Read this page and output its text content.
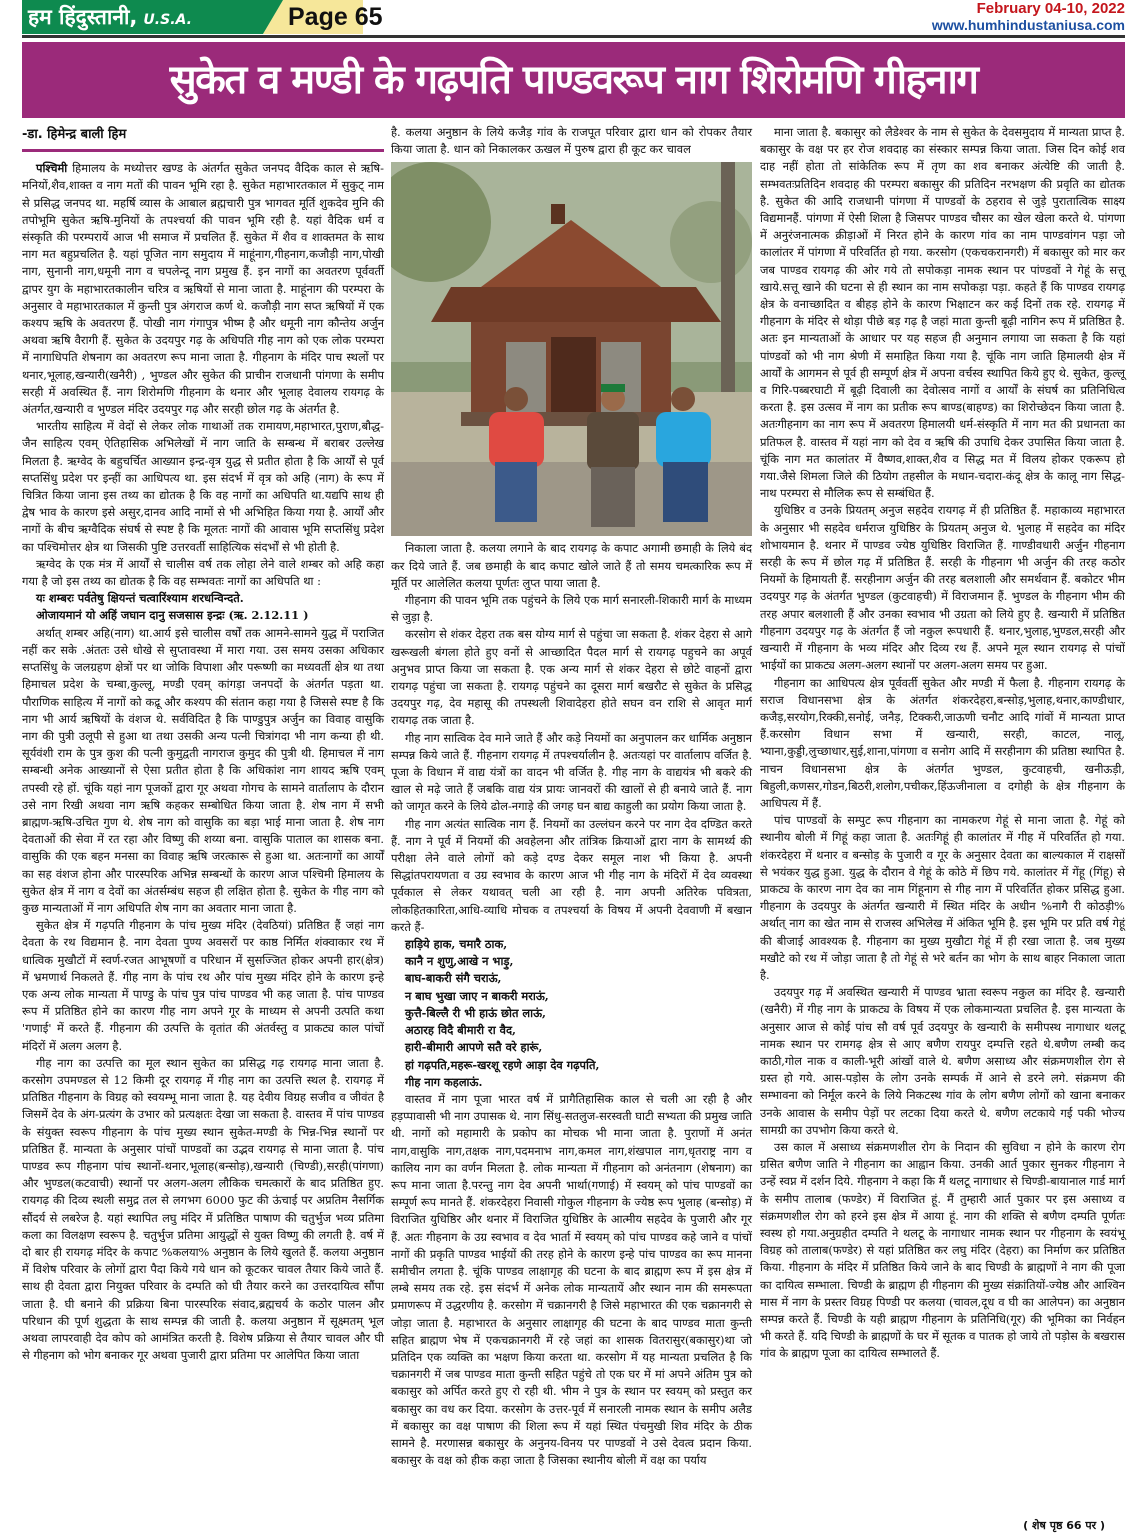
हम हिंदुस्तानी, U.S.A.	Page 65	February 04-10, 2022
www.humhindustaniusa.com
सुकेत व मण्डी के गढ़पति पाण्डवरूप नाग शिरोमणि गीहनाग
-डा. हिमेन्द्र बाली हिम

पश्चिमी हिमालय के मध्योत्तर खण्ड के अंतर्गत सुकेत जनपद वैदिक काल से ऋषि-मनियों,शैव,शाक्त व नाग मतों की पावन भूमि रहा है. सुकेत महाभारतकाल में सुकुट् नाम से प्रसिद्ध जनपद था. महर्षि व्यास के आबाल ब्रह्मचारी पुत्र भागवत मूर्ति शुकदेव मुनि की तपोभूमि सुकेत ऋषि-मुनियों के तपश्चर्या की पावन भूमि रही है. यहां वैदिक धर्म व संस्कृति की परम्परायें आज भी समाज में प्रचलित हैं. सुकेत में शैव व शाक्तमत के साथ नाग मत बहुप्रचलित है. यहां पूजित नाग समुदाय में माहूंनाग,गीहनाग,कजौड़ी नाग,पोखी नाग, सुनानी नाग,धमूनी नाग व चपलेन्दू नाग प्रमुख हैं. इन नागों का अवतरण पूर्ववर्ती द्वापर युग के महाभारतकालीन चरित्र व ऋषियों से माना जाता है. माहूंनाग की परम्परा के अनुसार वे महाभारतकाल में कुन्ती पुत्र अंगराज कर्ण थे. कजौड़ी नाग सप्त ऋषियों में एक कश्यप ऋषि के अवतरण हैं. पोखी नाग गंगापुत्र भीष्म है और धमूनी नाग कौन्तेय अर्जुन अथवा ऋषि वैरागी हैं. सुकेत के उदयपुर गढ़ के अधिपति गीह नाग को एक लोक परम्परा में नागाधिपति शेषनाग का अवतरण रूप माना जाता है. गीहनाग के मंदिर पाच स्थलों पर थनार,भूलाह,खन्यारी(खनैरी) , भुण्डल और सुकेत की प्राचीन राजधानी पांगणा के समीप सरही में अवस्थित हैं. नाग शिरोमणि गीहनाग के थनार और भूलाह देवालय रायगढ़ के अंतर्गत,खन्यारी व भुण्डल मंदिर उदयपुर गढ़ और सरही छोल गढ़ के अंतर्गत है.

भारतीय साहित्य में वेदों से लेकर लोक गाथाओं तक रामायण,महाभारत,पुराण,बौद्ध-जैन साहित्य एवम् ऐतिहासिक अभिलेखों में नाग जाति के सम्बन्ध में बराबर उल्लेख मिलता है. ऋग्वेद के बहुचर्चित आख्यान इन्द्र-वृत्र युद्ध से प्रतीत होता है कि आर्यों से पूर्व सप्तसिंधु प्रदेश पर इन्हीं का आधिपत्य था. इस संदर्भ में वृत्र को अहि (नाग) के रूप में चित्रित किया जाना इस तथ्य का द्योतक है कि वह नागों का अधिपति था.यद्यपि साथ ही द्वेष भाव के कारण इसे असुर,दानव आदि नामों से भी अभिहित किया गया है. आर्यों और नागों के बीच ऋग्वैदिक संघर्ष से स्पष्ट है कि मूलतः नागों की आवास भूमि सप्तसिंधु प्रदेश का पश्चिमोत्तर क्षेत्र था जिसकी पुष्टि उत्तरवर्ती साहित्यिक संदर्भों से भी होती है.

ऋग्वेद के एक मंत्र में आर्यों से चालीस वर्ष तक लोहा लेने वाले शम्बर को अहि कहा गया है जो इस तथ्य का द्योतक है कि वह सम्भवतः नागों का अधिपति था :

यः शम्बरः पर्वतेषु क्षियन्तं चत्वारिंश्याम शरधन्विन्दते.

ओजायमानं यो अहिं जघान दानु सजसास इन्द्रः (ऋ. 2.12.11 )

अर्थात् शम्बर अहि(नाग) था.आर्य इसे चालीस वर्षों तक आमने-सामने युद्ध में पराजित नहीं कर सके .अंततः उसे धोखे से सुप्तावस्था में मारा गया. उस समय उसका अधिकार सप्तसिंधु के जलग्रहण क्षेत्रों पर था जोकि विपाशा और परूष्णी का मध्यवर्ती क्षेत्र था तथा हिमाचल प्रदेश के चम्बा,कुल्लू, मण्डी एवम् कांगड़ा जनपदों के अंतर्गत पड़ता था. पौराणिक साहित्य में नागों को कद्रू और कश्यप की संतान कहा गया है जिससे स्पष्ट है कि नाग भी आर्य ऋषियों के वंशज थे. सर्वविदित है कि पाण्डुपुत्र अर्जुन का विवाह वासुकि नाग की पुत्री उलूपी से हुआ था तथा उसकी अन्य पत्नी चित्रांगदा भी नाग कन्या ही थी. सूर्यवंशी राम के पुत्र कुश की पत्नी कुमुद्वती नागराज कुमुद की पुत्री थी. हिमाचल में नाग सम्बन्धी अनेक आख्यानों से ऐसा प्रतीत होता है कि अधिकांश नाग शायद ऋषि एवम् तपस्वी रहे हों. चूंकि यहां नाग पूजकों द्वारा गूर अथवा गोगच के सामने वार्तालाप के दौरान उसे नाग रिखी अथवा नाग ऋषि कहकर सम्बोधित किया जाता है. शेष नाग में सभी ब्राह्मण-ऋषि-उचित गुण थे. शेष नाग को वासुकि का बड़ा भाई माना जाता है. शेष नाग देवताओं की सेवा में रत रहा और विष्णु की शय्या बना. वासुकि पाताल का शासक बना. वासुकि की एक बहन मनसा का विवाह ऋषि जरत्कारू से हुआ था. अतःनागों का आर्यों का सह वंशज होना और पारस्परिक अभिन्न सम्बन्धों के कारण आज पश्चिमी हिमालय के सुकेत क्षेत्र में नाग व देवों का अंतर्सम्बंध सहज ही लक्षित होता है. सुकेत के गीह नाग को कुछ मान्यताओं में नाग अधिपति शेष नाग का अवतार माना जाता है.

सुकेत क्षेत्र में गढ़पति गीहनाग के पांच मुख्य मंदिर (देवठियां) प्रतिष्ठित हैं जहां नाग देवता के रथ विद्यमान है. नाग देवता पुण्य अवसरों पर काष्ठ निर्मित शंक्वाकार रथ में धात्विक मुखौटों में स्वर्ण-रजत आभूषणों व परिधान में सुसज्जित होकर अपनी हार(क्षेत्र) में भ्रमणार्थ निकलते हैं. गीह नाग के पांच रथ और पांच मुख्य मंदिर होने के कारण इन्हे एक अन्य लोक मान्यता में पाण्डु के पांच पुत्र पांच पाण्डव भी कह जाता है. पांच पाण्डव रूप में प्रतिष्ठित होने का कारण गीह नाग अपने गूर के माध्यम से अपनी उत्पति कथा 'गणाई' में करते हैं. गीहनाग की उत्पत्ति के वृतांत की अंतर्वस्तु व प्राकट्य काल पांचों मंदिरों में अलग अलग है.

गीह नाग का उत्पत्ति का मूल स्थान सुकेत का प्रसिद्ध गढ़ रायगढ़ माना जाता है. करसोग उपमण्डल से 12 किमी दूर रायगढ़ में गीह नाग का उत्पत्ति स्थल है. रायगढ़ में प्रतिष्ठित गीहनाग के विग्रह को स्वयम्भू माना जाता है. यह देवीय विग्रह सजीव व जीवंत है जिसमें देव के अंग-प्रत्यंग के उभार को प्रत्यक्षतः देखा जा सकता है. वास्तव में पांच पाण्डव के संयुक्त स्वरूप गीहनाग के पांच मुख्य स्थान सुकेत-मण्डी के भिन्न-भिन्न स्थानों पर प्रतिष्ठित हैं. मान्यता के अनुसार पांचों पाण्डवों का उद्भव रायगढ़ से माना जाता है. पांच पाण्डव रूप गीहनाग पांच स्थानों-थनार,भूलाह(बन्सोड़),खन्यारी (चिण्डी),सरही(पांगणा) और भुण्डल(कटवाची) स्थानों पर अलग-अलग लौकिक चमत्कारों के बाद प्रतिष्ठित हुए. रायगढ़ की दिव्य स्थली समुद्र तल से लगभग 6000 फुट की ऊंचाई पर अप्रतिम नैसर्गिक सौंदर्य से लबरेज है. यहां स्थापित लघु मंदिर में प्रतिष्ठित पाषाण की चतुर्भुज भव्य प्रतिमा कला का विलक्षण स्वरूप है. चतुर्भुज प्रतिमा आयुद्धों से युक्त विष्णु की लगती है. वर्ष में दो बार ही रायगढ़ मंदिर के कपाट %कलया% अनुष्ठान के लिये खुलते हैं. कलया अनुष्ठान में विशेष परिवार के लोगों द्वारा पैदा किये गये धान को कूटकर चावल तैयार किये जाते हैं. साथ ही देवता द्वारा नियुक्त परिवार के दम्पति को घी तैयार करने का उत्तरदायित्व सौंपा जाता है. घी बनाने की प्रक्रिया बिना पारस्परिक संवाद,ब्रह्मचर्य के कठोर पालन और परिधान की पूर्ण शुद्धता के साथ सम्पन्न की जाती है. कलया अनुष्ठान में सूक्ष्मतम् भूल अथवा लापरवाही देव कोप को आमंत्रित करती है. विशेष प्रक्रिया से तैयार चावल और घी से गीहनाग को भोग बनाकर गूर अथवा पुजारी द्वारा प्रतिमा पर आलेपित किया जाता

है. कलया अनुष्ठान के लिये कजैड़ गांव के राजपूत परिवार द्वारा धान को रोपकर तैयार किया जाता है. धान को निकालकर ऊखल में पुरुष द्वारा ही कूट कर चावल

निकाला जाता है. कलया लगाने के बाद रायगढ़ के कपाट अगामी छमाही के लिये बंद कर दिये जाते हैं. जब छमाही के बाद कपाट खोले जाते हैं तो समय चमत्कारिक रूप में मूर्ति पर आलेलित कलया पूर्णतः लुप्त पाया जाता है.

गीहनाग की पावन भूमि तक पहुंचने के लिये एक मार्ग सनारली-शिकारी मार्ग के माध्यम से जुड़ा है.

करसोग से शंकर देहरा तक बस योग्य मार्ग से पहुंचा जा सकता है. शंकर देहरा से आगे खरूखली बंगला होते हुए वनों से आच्छादित पैदल मार्ग से रायगढ़ पहुचने का अपूर्व अनुभव प्राप्त किया जा सकता है. एक अन्य मार्ग से शंकर देहरा से छोटे वाहनों द्वारा रायगढ़ पहुंचा जा सकता है. रायगढ़ पहुंचने का दूसरा मार्ग बखरौट से सुकेत के प्रसिद्ध उदयपुर गढ़, देव महासू की तपस्थली शिवादेहरा होते सघन वन राशि से आवृत मार्ग रायगढ़ तक जाता है.

गीह नाग सात्विक देव माने जाते हैं और कड़े नियमों का अनुपालन कर धार्मिक अनुष्ठान सम्पन्न किये जाते हैं. गीहनाग रायगढ़ में तपश्चर्यालीन है. अतःयहां पर वार्तालाप वर्जित है. पूजा के विधान में वाद्य यंत्रों का वादन भी वर्जित है. गीह नाग के वाद्ययंत्र भी बकरे की खाल से मढ़े जाते हैं जबकि वाद्य यंत्र प्रायः जानवरों की खालों से ही बनाये जाते हैं. नाग को जागृत करने के लिये ढोल-नगाड़े की जगह घन बाद्य काहुली का प्रयोग किया जाता है.

गीह नाग अत्यंत सात्विक नाग हैं. नियमों का उल्लंघन करने पर नाग देव दण्डित करते हैं. नाग ने पूर्व में नियमों की अवहेलना और तांत्रिक क्रियाओं द्वारा नाग के सामर्थ्य की परीक्षा लेने वाले लोगों को कड़े दण्ड देकर समूल नाश भी किया है. अपनी सिद्धांतपरायणता व उग्र स्वभाव के कारण आज भी गीह नाग के मंदिरों में देव व्यवस्था पूर्वकाल से लेकर यथावत् चली आ रही है. नाग अपनी अतिरेक पवित्रता, लोकहितकारिता,आधि-व्याधि मोचक व तपश्चर्या के विषय में अपनी देववाणी में बखान करते हैं-

हाड़िये हाक, चमारै ठाक,

कानै न शुणु,आखे न भाड़ु,

बाघ-बाकरी संगै चराऊं,

न बाघ भुखा जाए न बाकरी मराऊं,

कुत्तै-बिल्लै री भी हाऊं छोत लाऊं,

अठारह विदै बीमारी रा वैद,

हारी-बीमारी आपणे सतै वरे हारूं,

हां गढ़पति,महरू-खरशू रहणे आड़ा देव गढ़पति,

गीह नाग कहलाऊं.

वास्तव में नाग पूजा भारत वर्ष में प्रागैतिहासिक काल से चली आ रही है और हड़प्पावासी भी नाग उपासक थे. नाग सिंधु-सतलुज-सरस्वती घाटी सभ्यता की प्रमुख जाति थी. नागों को महामारी के प्रकोप का मोचक भी माना जाता है. पुराणों में अनंत नाग,वासुकि नाग,तक्षक नाग,पदमनाभ नाग,कमल नाग,शंखपाल नाग,धृतराष्ट्र नाग व कालिय नाग का वर्णन मिलता है. लोक मान्यता में गीहनाग को अनंतनाग (शेषनाग) का रूप माना जाता है.परन्तु नाग देव अपनी भार्था(गणाई) में स्वयम् को पांच पाण्डवों का सम्पूर्ण रूप मानते हैं. शंकरदेहरा निवासी गोकुल गीहनाग के ज्येष्ठ रूप भुलाह (बन्सोड़) में विराजित युधिष्ठिर और थनार में विराजित युधिष्ठिर के आत्मीय सहदेव के पुजारी और गूर हैं. अतः गीहनाग के उग्र स्वभाव व देव भार्ता में स्वयम् को पांच पाण्डव कहे जाने व पांचों नागों की प्रकृति पाण्डव भाईयों की तरह होने के कारण इन्हे पांच पाण्डव का रूप मानना समीचीन लगता है. चूंकि पाण्डव लाक्षागृह की घटना के बाद ब्राह्मण रूप में इस क्षेत्र में लम्बे समय तक रहे. इस संदर्भ में अनेक लोक मान्यतायें और स्थान नाम की समरूपता प्रमाणरूप में उद्धरणीय है. करसोग में चक्रानगरी है जिसे महाभारत की एक चक्रानगरी से जोड़ा जाता है. महाभारत के अनुसार लाक्षागृह की घटना के बाद पाण्डव माता कुन्ती सहित ब्राह्मण भेष में एकचक्रानगरी में रहे जहां का शासक वितरासुर(बकासुर)था जो प्रतिदिन एक व्यक्ति का भक्षण किया करता था. करसोग में यह मान्यता प्रचलित है कि चक्रानगरी में जब पाण्डव माता कुन्ती सहित पहुंचे तो एक घर में मां अपने अंतिम पुत्र को बकासुर को अर्पित करते हुए रो रही थी. भीम ने पुत्र के स्थान पर स्वयम् को प्रस्तुत कर बकासुर का वध कर दिया. करसोग के उत्तर-पूर्व में सनारली नामक स्थान के समीप अलैड में बकासुर का वक्ष पाषाण की शिला रूप में यहां स्थित पंचमुखी शिव मंदिर के ठीक सामने है. मरणासन्न बकासुर के अनुनय-विनय पर पाण्डवों ने उसे देवत्व प्रदान किया. बकासुर के वक्ष को हीक कहा जाता है जिसका स्थानीय बोली में वक्ष का पर्याय

माना जाता है. बकासुर को लैडेश्वर के नाम से सुकेत के देवसमुदाय में मान्यता प्राप्त है. बकासुर के वक्ष पर हर रोज शवदाह का संस्कार सम्पन्न किया जाता. जिस दिन कोई शव दाह नहीं होता तो सांकेतिक रूप में तृण का शव बनाकर अंत्येष्टि की जाती है. सम्भवतःप्रतिदिन शवदाह की परम्परा बकासुर की प्रतिदिन नरभक्षण की प्रवृति का द्योतक है. सुकेत की आदि राजधानी पांगणा में पाण्डवों के ठहराव से जुड़े पुरातात्विक साक्ष्य विद्यमानहैं. पांगणा में ऐसी शिला है जिसपर पाण्डव चौसर का खेल खेला करते थे. पांगणा में अनुरंजनात्मक क्रीड़ाओं में निरत होने के कारण गांव का नाम पाण्डवांगन पड़ा जो कालांतर में पांगणा में परिवर्तित हो गया. करसोग (एकचकरानगरी) में बकासुर को मार कर जब पाण्डव रायगढ़ की ओर गये तो सपोकड़ा नामक स्थान पर पांण्डवों ने गेहूं के सत्तू खाये.सत्तू खाने की घटना से ही स्थान का नाम सपोकड़ा पड़ा. कहते हैं कि पाण्डव रायगढ़ क्षेत्र के वनाच्छादित व बीहड़ होने के कारण भिक्षाटन कर कई दिनों तक रहे. रायगढ़ में गीहनाग के मंदिर से थोड़ा पीछे बड़ गढ़ है जहां माता कुन्ती बूढ़ी नागिन रूप में प्रतिष्ठित है. अतः इन मान्यताओं के आधार पर यह सहज ही अनुमान लगाया जा सकता है कि यहां पांण्डवों को भी नाग श्रेणी में समाहित किया गया है. चूंकि नाग जाति हिमालयी क्षेत्र में आर्यों के आगमन से पूर्व ही सम्पूर्ण क्षेत्र में अपना वर्चस्व स्थापित किये हुए थे. सुकेत, कुल्लू व गिरि-पब्बरघाटी में बूढ़ी दिवाली का देवोत्सव नागों व आर्यों के संघर्ष का प्रतिनिधित्व करता है. इस उत्सव में नाग का प्रतीक रूप बाण्ड(बाहण्ड) का शिरोच्छेदन किया जाता है. अतःगीहनाग का नाग रूप में अवतरण हिमालयी धर्म-संस्कृति में नाग मत की प्रधानता का प्रतिफल है. वास्तव में यहां नाग को देव व ऋषि की उपाधि देकर उपासित किया जाता है. चूंकि नाग मत कालांतर में वैष्णव,शाक्त,शैव व सिद्ध मत में विलय होकर एकरूप हो गया.जैसे शिमला जिले की ठियोग तहसील के मधान-चदारा-कंदू क्षेत्र के कालू नाग सिद्ध-नाथ परम्परा से मौलिक रूप से सम्बंधित हैं.

युधिष्ठिर व उनके प्रियतम् अनुज सहदेव रायगढ़ में ही प्रतिष्ठित हैं. महाकाव्य महाभारत के अनुसार भी सहदेव धर्मराज युधिष्ठिर के प्रियतम् अनुज थे. भुलाह में सहदेव का मंदिर शोभायमान है. थनार में पाण्डव ज्येष्ठ युधिष्ठिर विराजित हैं. गाण्डीवधारी अर्जुन गीहनाग सरही के रूप में छोल गढ़ में प्रतिष्ठित हैं. सरही के गीहनाग भी अर्जुन की तरह कठोर नियमों के हिमायती हैं. सरहीनाग अर्जुन की तरह बलशाली और समर्थवान हैं. बकोटर भीम उदयपुर गढ़ के अंतर्गत भुण्डल (कुटवाहची) में विराजमान हैं. भुण्डल के गीहनाग भीम की तरह अपार बलशाली हैं और उनका स्वभाव भी उग्रता को लिये हुए है. खन्यारी में प्रतिष्ठित गीहनाग उदयपुर गढ़ के अंतर्गत हैं जो नकुल रूपधारी हैं. थनार,भुलाह,भुण्डल,सरही और खन्यारी में गीहनाग के भव्य मंदिर और दिव्य रथ हैं. अपने मूल स्थान रायगढ़ से पांचों भाईयों का प्राकट्य अलग-अलग स्थानों पर अलग-अलग समय पर हुआ.

गीहनाग का आधिपत्य क्षेत्र पूर्ववर्ती सुकेत और मण्डी में फैला है. गीहनाग रायगढ़ के सराज विधानसभा क्षेत्र के अंतर्गत शंकरदेहरा,बन्सोड़,भुलाह,थनार,काण्डीधार, कजैड़,सरयोग,रिक्की,सनोई, जनैड़, टिक्करी,जाऊणी चनौट आदि गांवों में मान्यता प्राप्त हैं.करसोग विधान सभा में खन्यारी, सरही, काटल, नालू, भ्याना,कुड्डी,लुच्छाधार,सुई,शाना,पांगणा व सनोग आदि में सरहीनाग की प्रतिष्ठा स्थापित है. नाचन विधानसभा क्षेत्र के अंतर्गत भुण्डल, कुटवाहची, खनीऊड़ी, बिहुली,कणसर,गोडन,बिठरी,शलोग,पचीकर,हिंऊजीनाला व दगोही के क्षेत्र गीहनाग के आधिपत्य में हैं.

पांच पाण्डवों के सम्पुट रूप गीहनाग का नामकरण गेहूं से माना जाता है. गेहूं को स्थानीय बोली में गिहूं कहा जाता है. अतःगिहूं ही कालांतर में गीह में परिवर्तित हो गया. शंकरदेहरा में थनार व बन्सोड़ के पुजारी व गूर के अनुसार देवता का बाल्यकाल में राक्षसों से भयंकर युद्ध हुआ. युद्ध के दौरान वे गेहूं के कोठे में छिप गये. कालांतर में गेंहू (गिंहू) से प्राकट्य के कारण नाग देव का नाम गिंहूनाग से गीह नाग में परिवर्तित होकर प्रसिद्ध हुआ. गीहनाग के उदयपुर के अंतर्गत खन्यारी में स्थित मंदिर के अधीन %नागै री कोठड़ी% अर्थात् नाग का खेत नाम से राजस्व अभिलेख में अंकित भूमि है. इस भूमि पर प्रति वर्ष गेहूं की बीजाई आवश्यक है. गीहनाग का मुख्य मुखौटा गेहूं में ही रखा जाता है. जब मुख्य मखौटे को रथ में जोड़ा जाता है तो गेहूं से भरे बर्तन का भोग के साथ बाहर निकाला जाता है.

उदयपुर गढ़ में अवस्थित खन्यारी में पाण्डव भ्राता स्वरूप नकुल का मंदिर है. खन्यारी (खनैरी) में गीह नाग के प्राकट्य के विषय में एक लोकमान्यता प्रचलित है. इस मान्यता के अनुसार आज से कोई पांच सौ वर्ष पूर्व उदयपुर के खन्यारी के समीपस्थ नागाधार थलटू नामक स्थान पर रामगढ़ क्षेत्र से आए बणैण रायपुर दम्पत्ति रहते थे.बणैण लम्बी कद काठी,गोल नाक व काली-भूरी आंखों वाले थे. बणैण असाध्य और संक्रमणशील रोग से ग्रस्त हो गये. आस-पड़ोस के लोग उनके सम्पर्क में आने से डरने लगे. संक्रमण की सम्भावना को निर्मूल करने के लिये निकटस्थ गांव के लोग बणैण लोगों को खाना बनाकर उनके आवास के समीप पेड़ों पर लटका दिया करते थे. बणैण लटकाये गई पकी भोज्य सामग्री का उपभोग किया करते थे.

उस काल में असाध्य संक्रमणशील रोग के निदान की सुविधा न होने के कारण रोग ग्रसित बणैण जाति ने गीहनाग का आह्वान किया. उनकी आर्त पुकार सुनकर गीहनाग ने उन्हें स्वप्न में दर्शन दिये. गीहनाग ने कहा कि मैं थलटू नागाधार से चिण्डी-बायानाल गार्ड मार्ग के समीप तालाब (फण्डेर) में विराजित हूं. मैं तुम्हारी आर्त पुकार पर इस असाध्य व संक्रमणशील रोग को हरने इस क्षेत्र में आया हूं. नाग की शक्ति से बणैण दम्पति पूर्णतः स्वस्थ हो गया.अनुग्रहीत दम्पति ने थलटू के नागाधार नामक स्थान पर गीहनाग के स्वयंभू विग्रह को तालाब(फण्डेर) से यहां प्रतिष्ठित कर लघु मंदिर (देहरा) का निर्माण कर प्रतिष्ठित किया. गीहनाग के मंदिर में प्रतिष्ठित किये जाने के बाद चिण्डी के ब्राह्मणों ने नाग की पूजा का दायित्व सम्भाला. चिण्डी के ब्राह्मण ही गीहनाग की मुख्य संक्रांतियों-ज्येष्ठ और आश्विन मास में नाग के प्रस्तर विग्रह पिण्डी पर कलया (चावल,दूध व घी का आलेपन) का अनुष्ठान सम्पन्न करते हैं. चिण्डी के यही ब्राह्मण गीहनाग के प्रतिनिधि(गूर) की भूमिका का निर्वहन भी करते हैं. यदि चिण्डी के ब्राह्मणों के घर में सूतक व पातक हो जाये तो पड़ोस के बखरास गांव के ब्राह्मण पूजा का दायित्व सम्भालते हैं.

( शेष पृष्ठ 66 पर )
